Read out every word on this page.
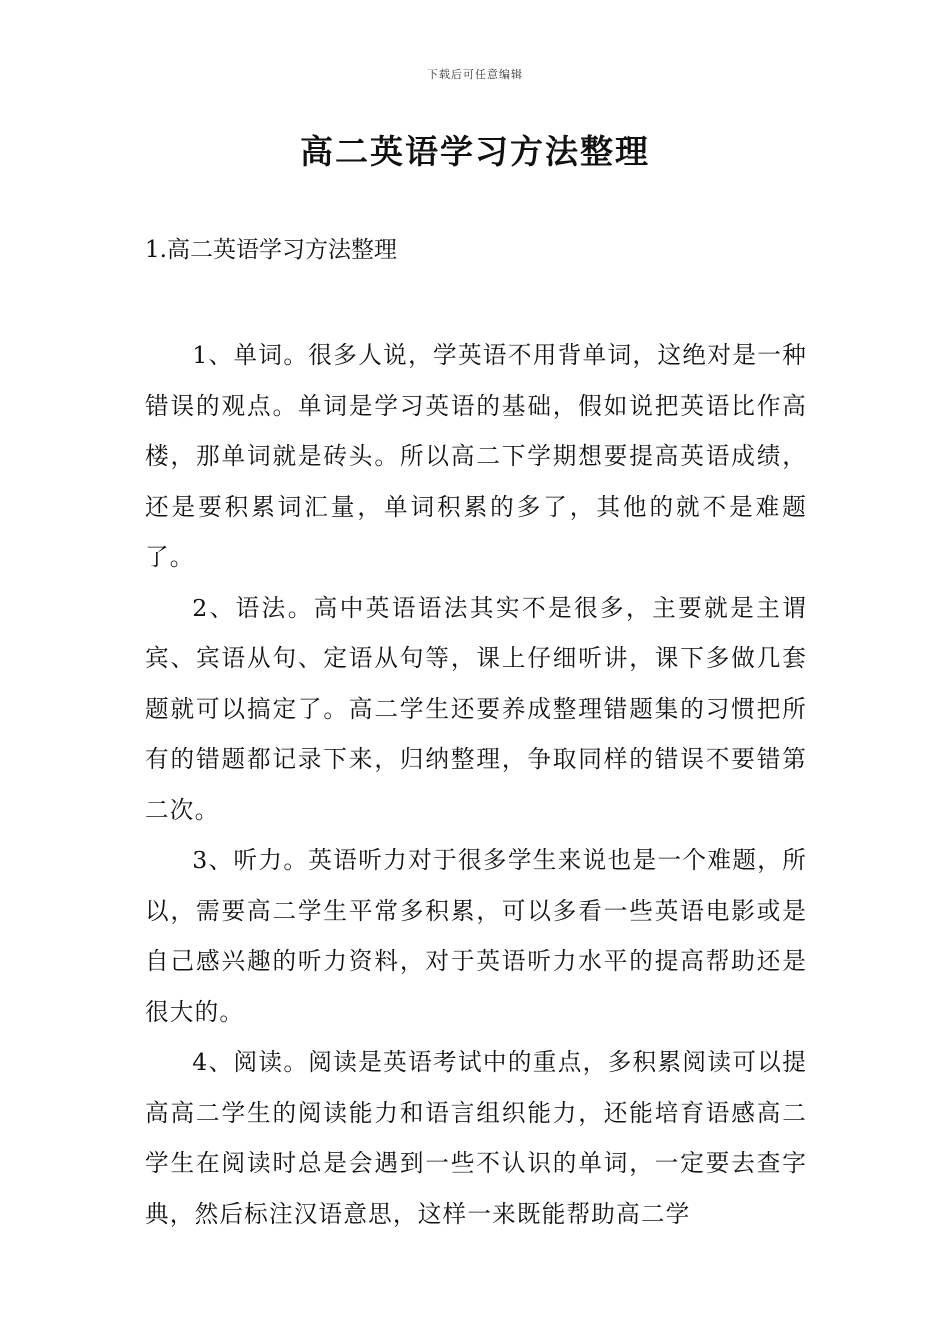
下载后可任意编辑
高二英语学习方法整理
1.高二英语学习方法整理

1、单词。很多人说，学英语不用背单词，这绝对是一种错误的观点。单词是学习英语的基础，假如说把英语比作高楼，那单词就是砖头。所以高二下学期想要提高英语成绩，还是要积累词汇量，单词积累的多了，其他的就不是难题了。

2、语法。高中英语语法其实不是很多，主要就是主谓宾、宾语从句、定语从句等，课上仔细听讲，课下多做几套题就可以搞定了。高二学生还要养成整理错题集的习惯把所有的错题都记录下来，归纳整理，争取同样的错误不要错第二次。

3、听力。英语听力对于很多学生来说也是一个难题，所以，需要高二学生平常多积累，可以多看一些英语电影或是自己感兴趣的听力资料，对于英语听力水平的提高帮助还是很大的。

4、阅读。阅读是英语考试中的重点，多积累阅读可以提高高二学生的阅读能力和语言组织能力，还能培育语感高二学生在阅读时总是会遇到一些不认识的单词，一定要去查字典，然后标注汉语意思，这样一来既能帮助高二学
